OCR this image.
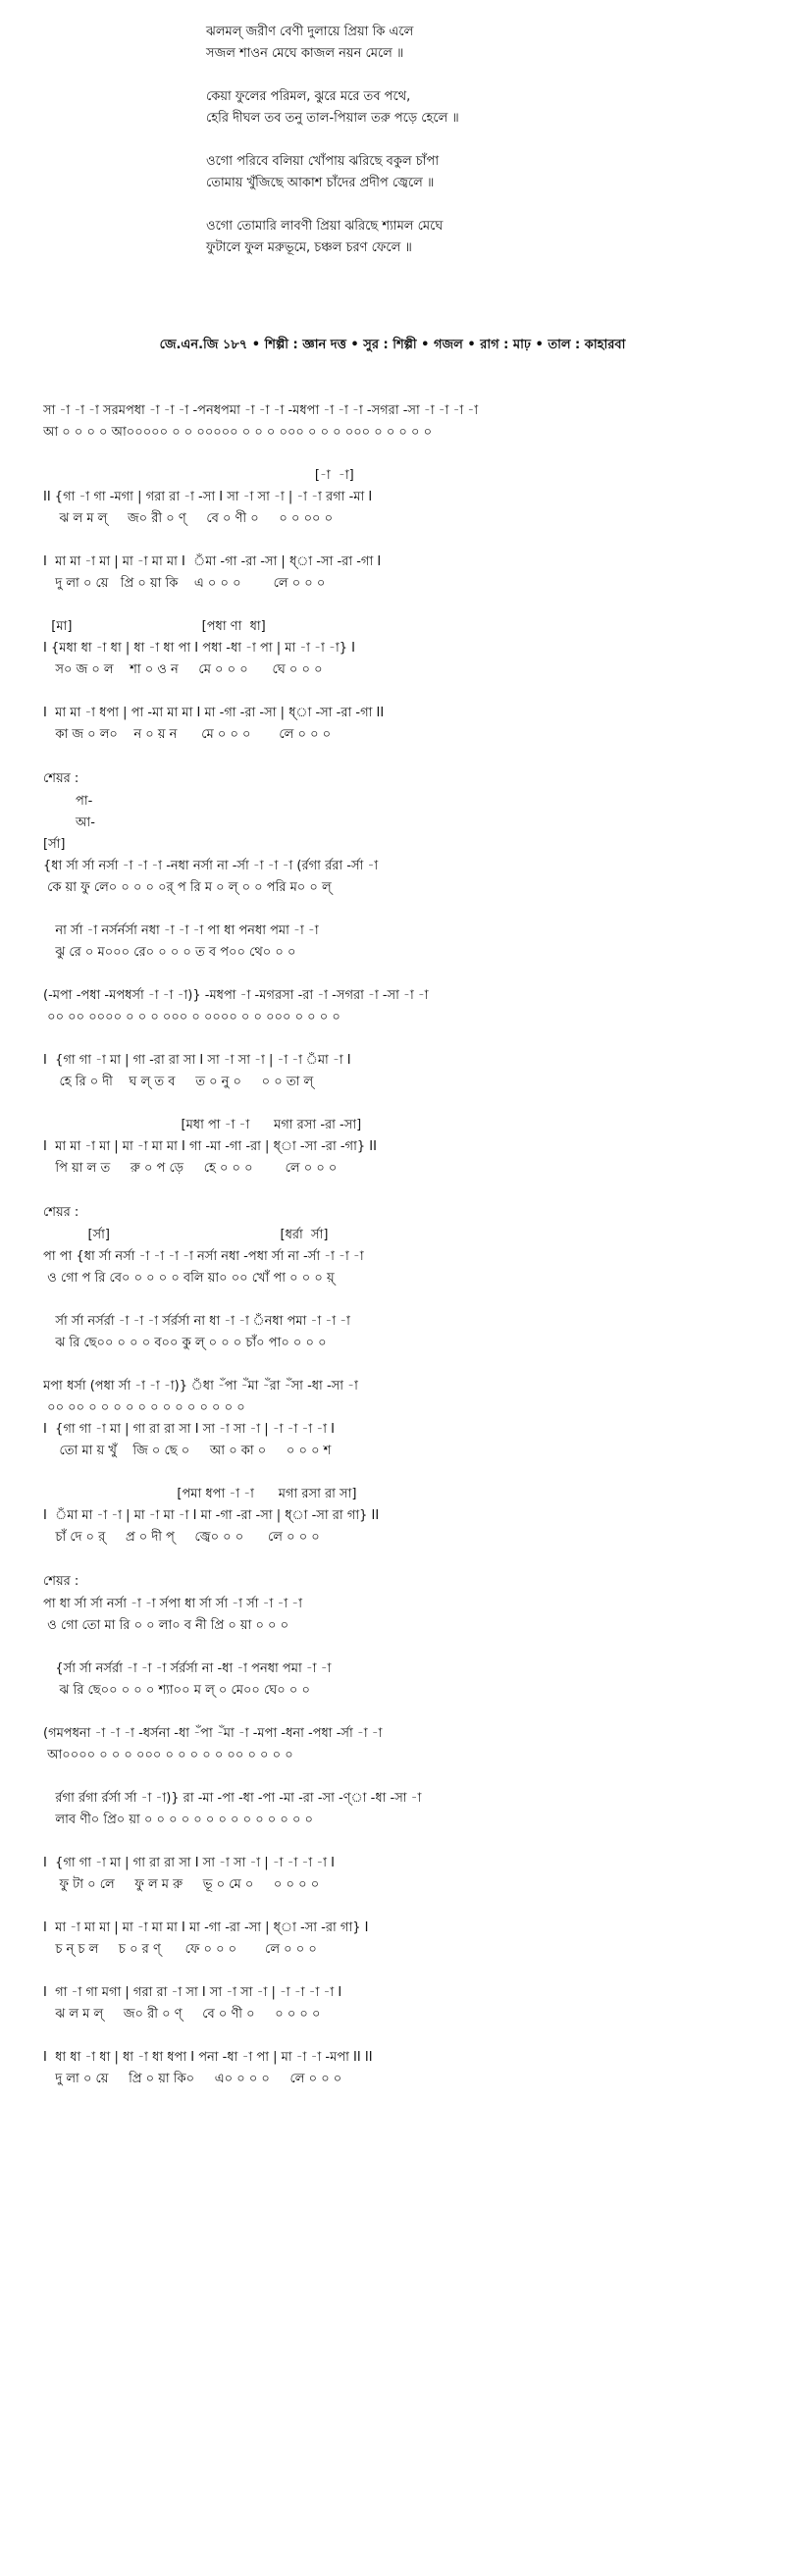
ঝলমল্ জরীণ বেণী দুলায়ে প্রিয়া কি এলে
সজল শাওন মেঘে কাজল নয়ন মেলে ॥
কেয়া ফুলের পরিমল, ঝুরে মরে তব পথে,
হেরি দীঘল তব তনু তাল-পিয়াল তরু পড়ে হেলে ॥
ওগো পরিবে বলিয়া খোঁপায় ঝরিছে বকুল চাঁপা
তোমায় খুঁজিছে আকাশ চাঁদের প্রদীপ জ্বেলে ॥
ওগো তোমারি লাবণী প্রিয়া ঝরিছে শ্যামল মেঘে
ফুটালে ফুল মরুভূমে, চঞ্চল চরণ ফেলে ॥
জে.এন.জি ১৮৭ • শিল্পী : জ্ঞান দত্ত • সুর : শিল্পী • গজল • রাগ : মাঢ় • তাল : কাহারবা
সা -া -া -া সরমপধা -া -া -া -পনধপমা -া -া -া -মধপা -া -া -া -সগরা -সা -া -া -া -া
আ ০ ০ ০ ০ আ০০০০০ ০ ০ ০০০০০ ০ ০ ০ ০০০ ০ ০ ০ ০০০ ০ ০ ০ ০ ০
[-া  -া]
II {গা -া গা -মগা | গরা রা -া -সা I সা -া সা -া | -া -া রগা -মা I
ঝ ল ম ল্     জ০ রী ০ ণ্     বে ০ ণী ০     ০ ০ ০০ ০
I  মা মা -া মা | মা -া মা মা I  ঁমা -গা -রা -সা | ধ্া -সা -রা -গা I
দু লা ০ য়ে   প্রি ০ য়া কি    এ ০ ০ ০        লে ০ ০ ০
[মা]                                [পধা ণা  ধা]
I {মধা ধা -া ধা | ধা -া ধা পা I পধা -ধা -া পা | মা -া -া -া} I
স০ জ ০ ল    শা ০ ও ন     মে ০ ০ ০      ঘে ০ ০ ০
I  মা মা -া ধপা | পা -মা মা মা I মা -গা -রা -সা | ধ্া -সা -রা -গা II
কা জ ০ ল০    ন ০ য় ন      মে ০ ০ ০       লে ০ ০ ০
শেয়র :
পা-
আ-
[র্সা]
{ধা র্সা র্সা নর্সা -া -া -া -নধা নর্সা না -র্সা -া -া -া (র্রগা র্ররা -র্সা -া
কে য়া ফু লে০ ০ ০ ০ ০র্ প রি ম ০ ল্ ০ ০ পরি ম০ ০ ল্
না র্সা -া নর্সর্নর্সা নধা -া -া -া পা ধা পনধা পমা -া -া
ঝু রে ০ ম০০০ রে০ ০ ০ ০ ত ব প০০ থে০ ০ ০
(-মপা -পধা -মপধর্সা -া -া -া)} -মধপা -া -মগরসা -রা -া -সগরা -া -সা -া -া
০০ ০০ ০০০০ ০ ০ ০ ০০০ ০ ০০০০ ০ ০ ০০০ ০ ০ ০ ০
I  {গা গা -া মা | গা -রা রা সা I সা -া সা -া | -া -া ঁমা -া I
হে রি ০ দী    ঘ ল্ ত ব     ত ০ নু ০     ০ ০ তা ল্
[মধা পা -া -া      মগা রসা -রা -সা]
I  মা মা -া মা | মা -া মা মা I গা -মা -গা -রা | ধ্া -সা -রা -গা} II
পি য়া ল ত     রু ০ প ড়ে     হে ০ ০ ০        লে ০ ০ ০
শেয়র :
[র্সা]                                          [ধর্রা  র্সা]
পা পা {ধা র্সা নর্সা -া -া -া -া নর্সা নধা -পধা র্সা না -র্সা -া -া -া
ও গো প রি বে০ ০ ০ ০ ০ বলি য়া০ ০০ খোঁ পা ০ ০ ০ য়্
র্সা র্সা নর্সর্রা -া -া -া র্সর্রর্সা না ধা -া -া ঁনধা পমা -া -া -া
ঝ রি ছে০০ ০ ০ ০ ব০০ কু ল্ ০ ০ ০ চাঁ০ পা০ ০ ০ ০
মপা ধর্সা (পধা র্সা -া -া -া)} ঁধা -ঁপা -ঁমা -ঁরা -ঁসা -ধা -সা -া
০০ ০০ ০ ০ ০ ০ ০ ০ ০ ০ ০ ০ ০ ০ ০
I  {গা গা -া মা | গা রা রা সা I সা -া সা -া | -া -া -া -া I
তো মা য় খুঁ    জি ০ ছে ০     আ ০ কা ০     ০ ০ ০ শ
[পমা ধপা -া -া      মগা রসা রা সা]
I  ঁমা মা -া -া | মা -া মা -া I মা -গা -রা -সা | ধ্া -সা রা গা} II
চাঁ দে ০ র্     প্র ০ দী প্     জ্বে০ ০ ০      লে ০ ০ ০
শেয়র :
পা ধা র্সা র্সা নর্সা -া -া র্সপা ধা র্সা র্সা -া র্সা -া -া -া
ও গো তো মা রি ০ ০ লা০ ব নী প্রি ০ য়া ০ ০ ০
{র্সা র্সা নর্সর্রা -া -া -া র্সর্রর্সা না -ধা -া পনধা পমা -া -া
ঝ রি ছে০০ ০ ০ ০ শ্যা০০ ম ল্ ০ মে০০ ঘে০ ০ ০
(গমপধনা -া -া -া -ধর্সনা -ধা -ঁপা -ঁমা -া -মপা -ধনা -পধা -র্সা -া -া
আ০০০০ ০ ০ ০ ০০০ ০ ০ ০ ০ ০ ০০ ০ ০ ০ ০
র্রগা র্রগা র্রর্সা র্সা -া -া)} রা -মা -পা -ধা -পা -মা -রা -সা -ণ্া -ধা -সা -া
লাব ণী০ প্রি০ য়া ০ ০ ০ ০ ০ ০ ০ ০ ০ ০ ০ ০ ০ ০
I  {গা গা -া মা | গা রা রা সা I সা -া সা -া | -া -া -া -া I
ফু টা ০ লে     ফু ল ম রু     ভূ ০ মে ০     ০ ০ ০ ০
I  মা -া মা মা | মা -া মা মা I মা -গা -রা -সা | ধ্া -সা -রা গা} I
চ ন্ চ ল     চ ০ র ণ্      ফে ০ ০ ০       লে ০ ০ ০
I  গা -া গা মগা | গরা রা -া সা I সা -া সা -া | -া -া -া -া I
ঝ ল ম ল্     জ০ রী ০ ণ্     বে ০ ণী ০     ০ ০ ০ ০
I  ধা ধা -া ধা | ধা -া ধা ধপা I পনা -ধা -া পা | মা -া -া -মপা II II
দু লা ০ য়ে     প্রি ০ য়া কি০     এ০ ০ ০ ০     লে ০ ০ ০
